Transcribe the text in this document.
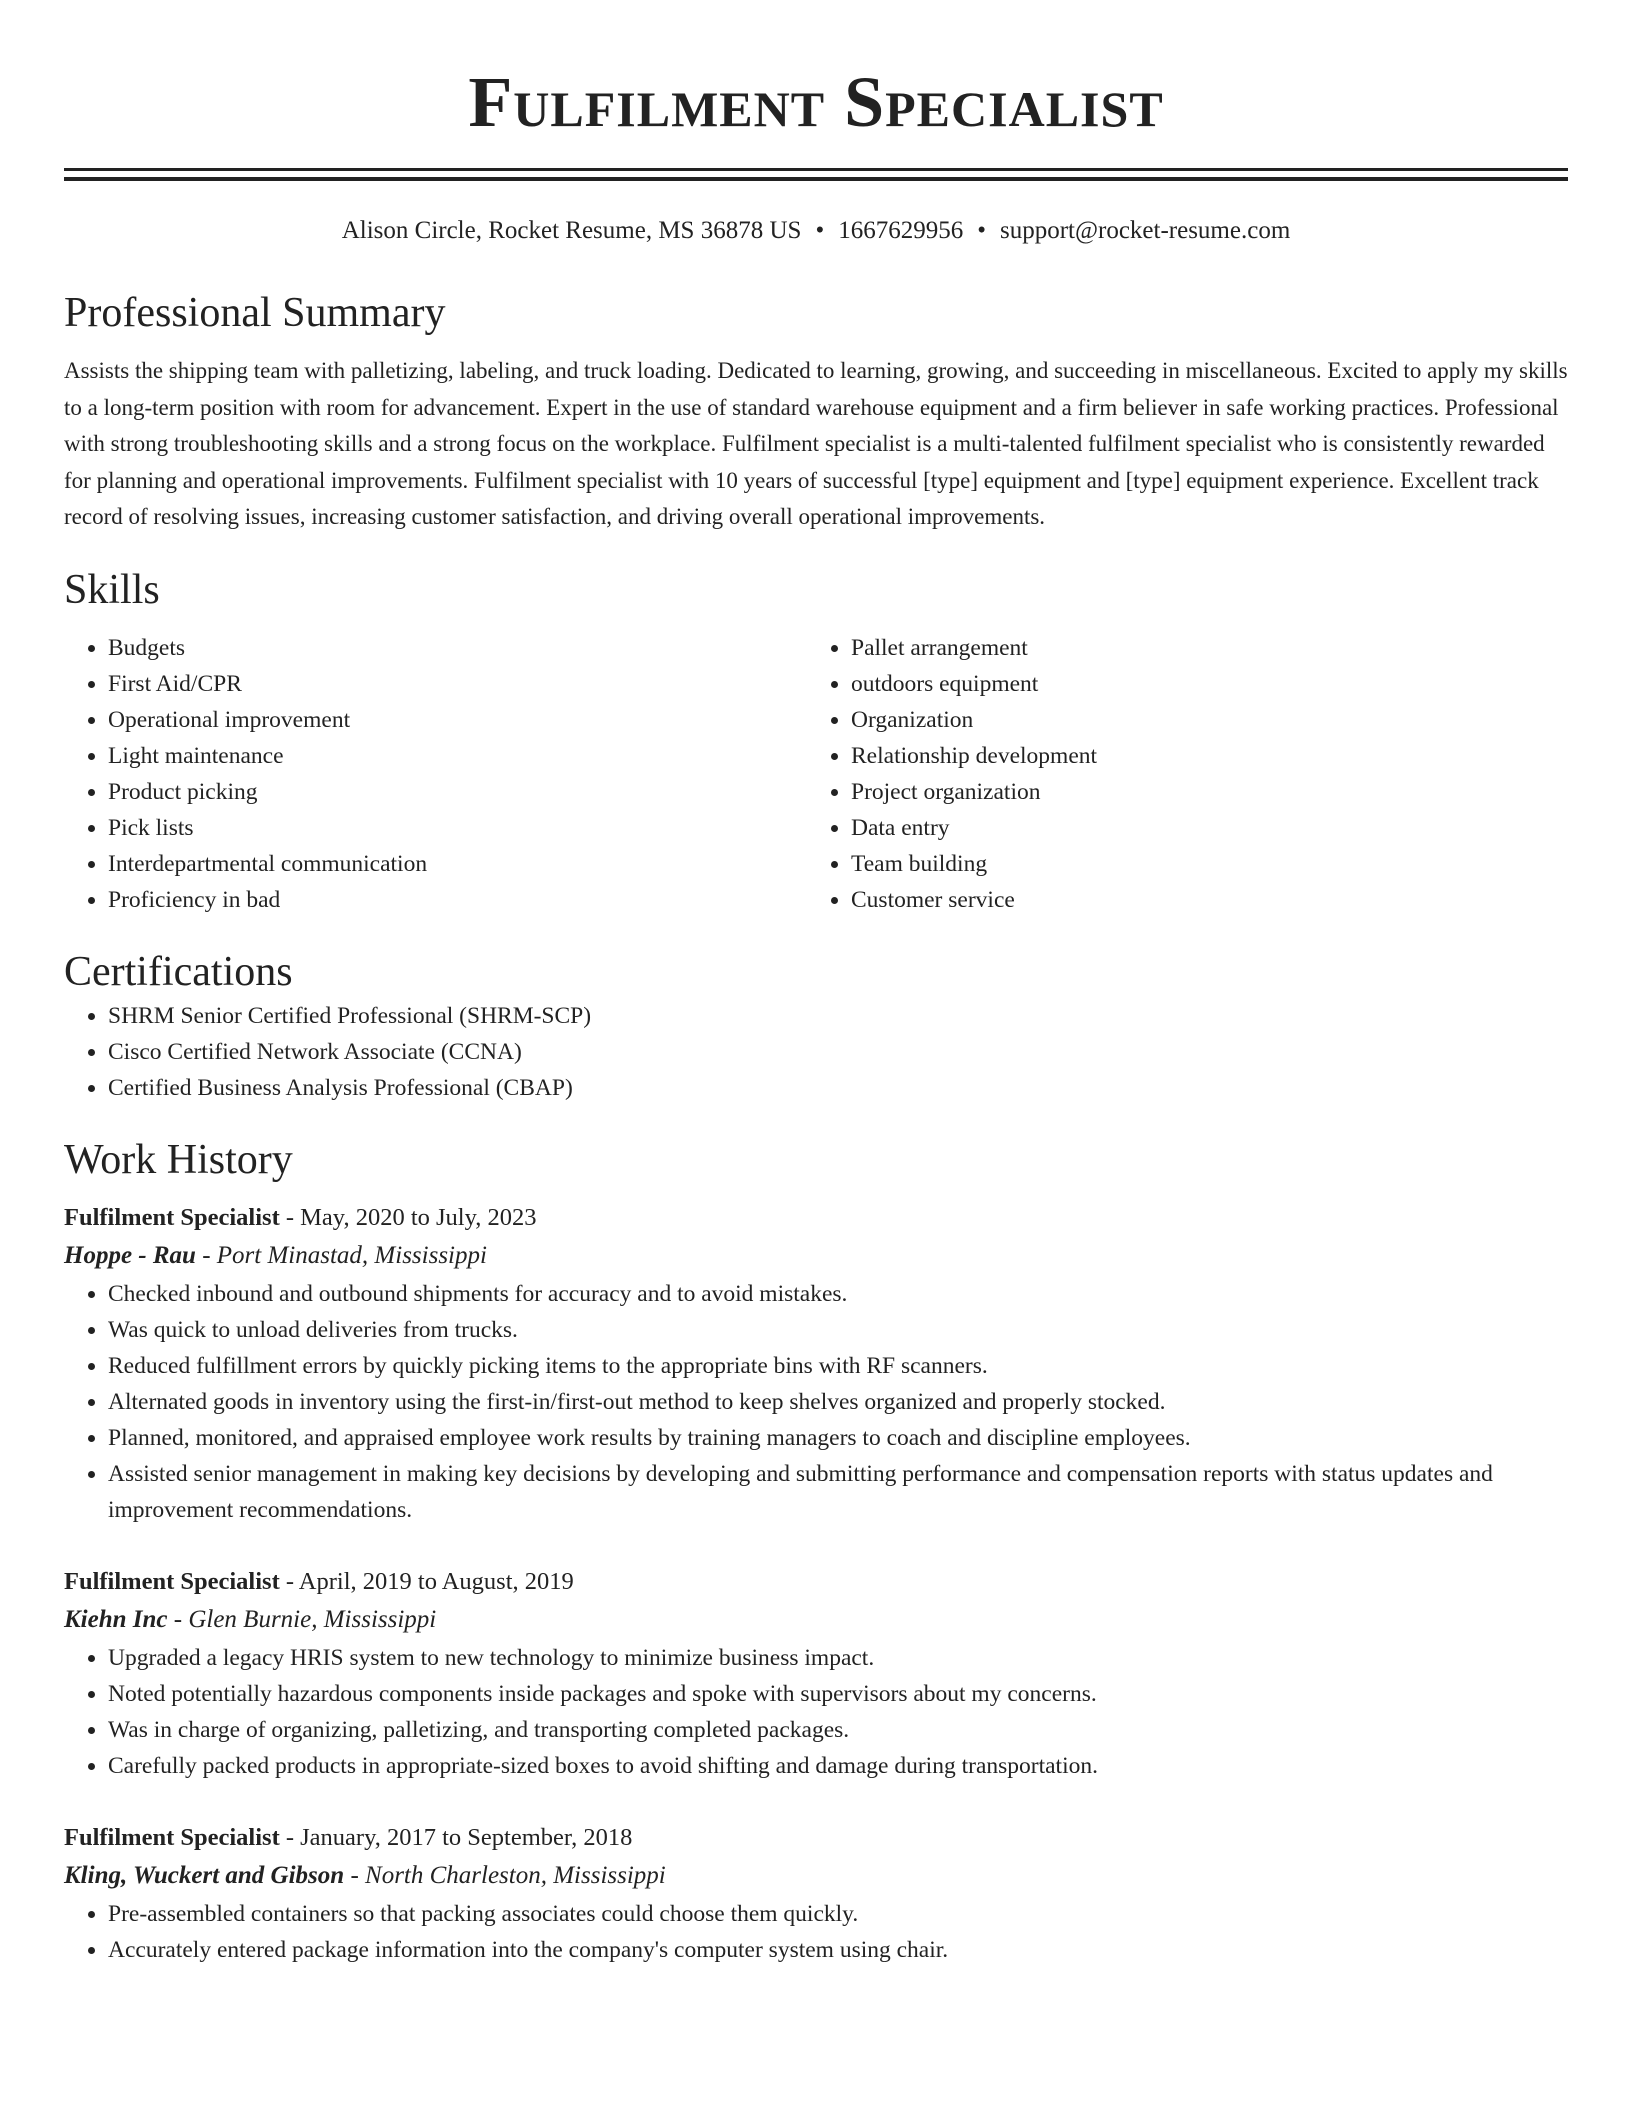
Fulfilment Specialist
Alison Circle, Rocket Resume, MS 36878 US • 1667629956 • support@rocket-resume.com
Professional Summary

Assists the shipping team with palletizing, labeling, and truck loading. Dedicated to learning, growing, and succeeding in miscellaneous. Excited to apply my skills to a long-term position with room for advancement. Expert in the use of standard warehouse equipment and a firm believer in safe working practices. Professional with strong troubleshooting skills and a strong focus on the workplace. Fulfilment specialist is a multi-talented fulfilment specialist who is consistently rewarded for planning and operational improvements. Fulfilment specialist with 10 years of successful [type] equipment and [type] equipment experience. Excellent track record of resolving issues, increasing customer satisfaction, and driving overall operational improvements.

Skills
• Budgets
• First Aid/CPR
• Operational improvement
• Light maintenance
• Product picking
• Pick lists
• Interdepartmental communication
• Proficiency in bad
• Pallet arrangement
• outdoors equipment
• Organization
• Relationship development
• Project organization
• Data entry
• Team building
• Customer service
Certifications
• SHRM Senior Certified Professional (SHRM-SCP)
• Cisco Certified Network Associate (CCNA)
• Certified Business Analysis Professional (CBAP)
Work History
Fulfilment Specialist - May, 2020 to July, 2023
Hoppe - Rau - Port Minastad, Mississippi
• Checked inbound and outbound shipments for accuracy and to avoid mistakes.
• Was quick to unload deliveries from trucks.
• Reduced fulfillment errors by quickly picking items to the appropriate bins with RF scanners.
• Alternated goods in inventory using the first-in/first-out method to keep shelves organized and properly stocked.
• Planned, monitored, and appraised employee work results by training managers to coach and discipline employees.
• Assisted senior management in making key decisions by developing and submitting performance and compensation reports with status updates and improvement recommendations.
Fulfilment Specialist - April, 2019 to August, 2019
Kiehn Inc - Glen Burnie, Mississippi
• Upgraded a legacy HRIS system to new technology to minimize business impact.
• Noted potentially hazardous components inside packages and spoke with supervisors about my concerns.
• Was in charge of organizing, palletizing, and transporting completed packages.
• Carefully packed products in appropriate-sized boxes to avoid shifting and damage during transportation.
Fulfilment Specialist - January, 2017 to September, 2018
Kling, Wuckert and Gibson - North Charleston, Mississippi
• Pre-assembled containers so that packing associates could choose them quickly.
• Accurately entered package information into the company's computer system using chair.
